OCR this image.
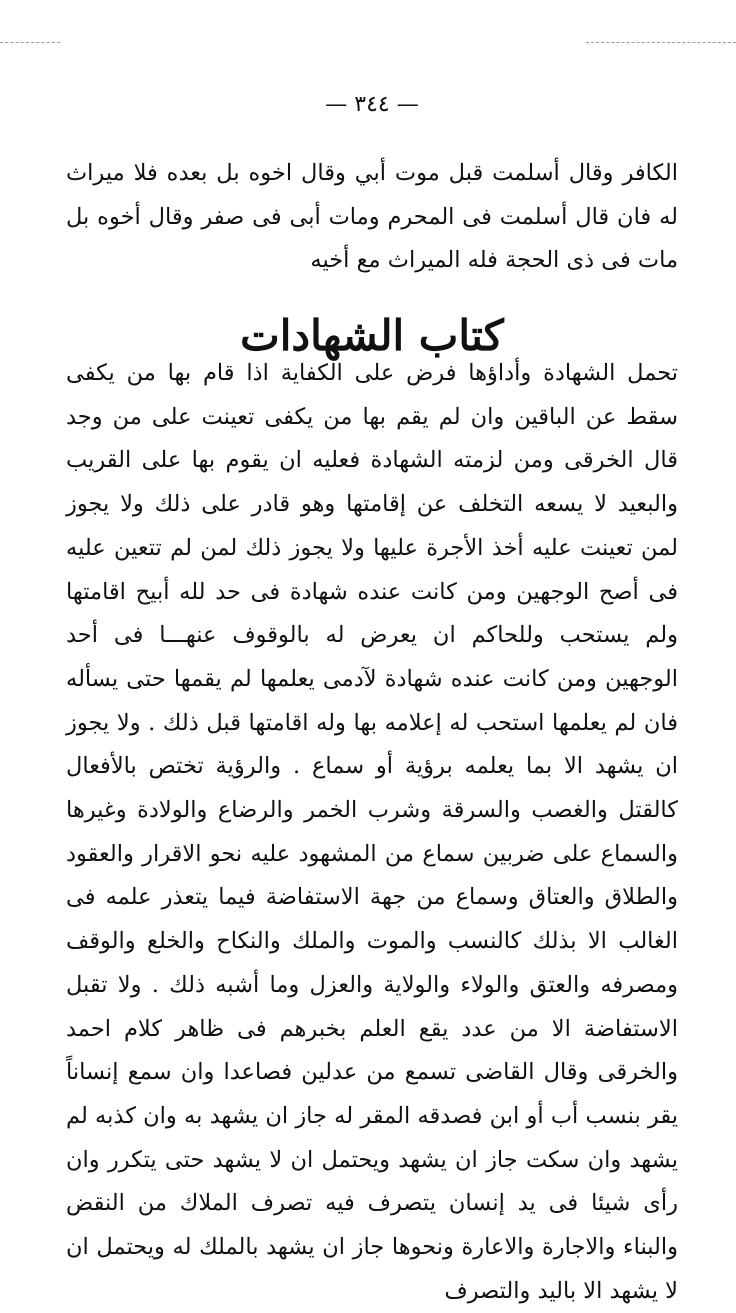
— ٣٤٤ —

الكافر وقال أسلمت قبل موت أبي وقال اخوه بل بعده فلا ميراث له فان قال أسلمت فى المحرم ومات أبى فى صفر وقال أخوه بل مات فى ذى الحجة فله الميراث مع أخيه

كتاب الشهادات

تحمل الشهادة وأداؤها فرض على الكفاية اذا قام بها من يكفى سقط عن الباقين وان لم يقم بها من يكفى تعينت على من وجد قال الخرقى ومن لزمته الشهادة فعليه ان يقوم بها على القريب والبعيد لا يسعه التخلف عن إقامتها وهو قادر على ذلك ولا يجوز لمن تعينت عليه أخذ الأجرة عليها ولا يجوز ذلك لمن لم تتعين عليه فى أصح الوجهين ومن كانت عنده شهادة فى حد لله أبيح اقامتها ولم يستحب وللحاكم ان يعرض له بالوقوف عنهـــا فى أحد الوجهين ومن كانت عنده شهادة لآدمى يعلمها لم يقمها حتى يسأله فان لم يعلمها استحب له إعلامه بها وله اقامتها قبل ذلك . ولا يجوز ان يشهد الا بما يعلمه برؤية أو سماع . والرؤية تختص بالأفعال كالقتل والغصب والسرقة وشرب الخمر والرضاع والولادة وغيرها والسماع على ضربين سماع من المشهود عليه نحو الاقرار والعقود والطلاق والعتاق وسماع من جهة الاستفاضة فيما يتعذر علمه فى الغالب الا بذلك كالنسب والموت والملك والنكاح والخلع والوقف ومصرفه والعتق والولاء والولاية والعزل وما أشبه ذلك . ولا تقبل الاستفاضة الا من عدد يقع العلم بخبرهم فى ظاهر كلام احمد والخرقى وقال القاضى تسمع من عدلين فصاعدا وان سمع إنساناً يقر بنسب أب أو ابن فصدقه المقر له جاز ان يشهد به وان كذبه لم يشهد وان سكت جاز ان يشهد ويحتمل ان لا يشهد حتى يتكرر وان رأى شيئا فى يد إنسان يتصرف فيه تصرف الملاك من النقض والبناء والاجارة والاعارة ونحوها جاز ان يشهد بالملك له ويحتمل ان لا يشهد الا باليد والتصرف
